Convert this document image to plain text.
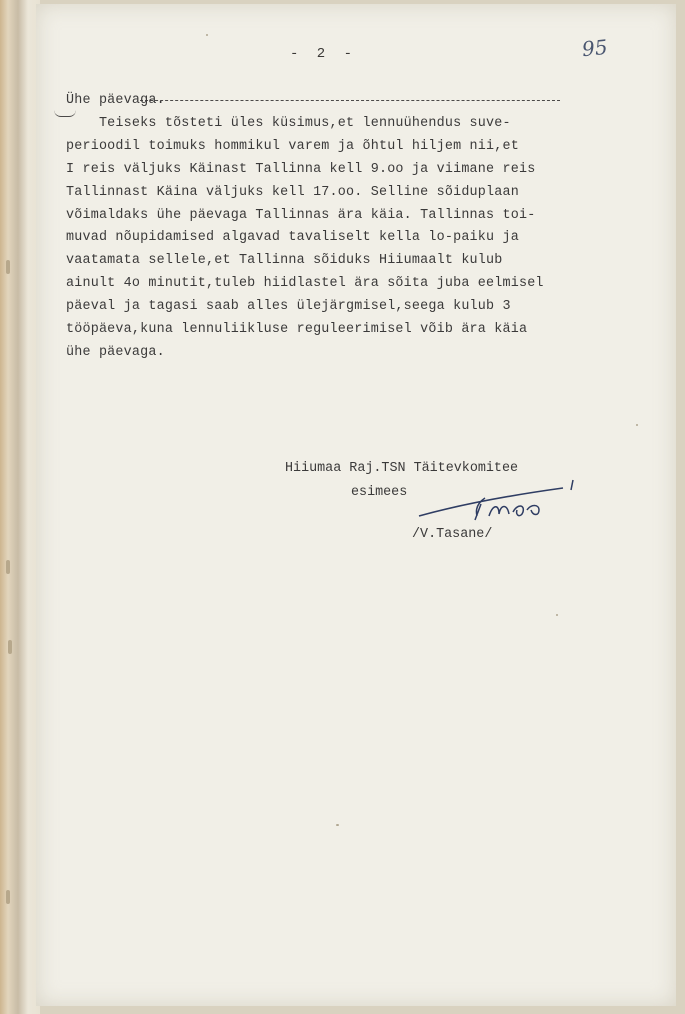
- 2 -	95
Ühe päevaga.
Teiseks tõsteti üles küsimus,et lennuühendus suve-
perioodil toimuks hommikul varem ja õhtul hiljem nii,et
I reis väljuks Käinast Tallinna kell 9.oo ja viimane reis
Tallinnast Käina väljuks kell 17.oo. Selline sõiduplaan
võimaldaks ühe päevaga Tallinnas ära käia. Tallinnas toi-
muvad nõupidamised algavad tavaliselt kella lo-paiku ja
vaatamata sellele,et Tallinna sõiduks Hiiumaalt kulub
ainult 4o minutit,tuleb hiidlastel ära sõita juba eelmisel
päeval ja tagasi saab alles ülejärgmisel,seega kulub 3
tööpäeva,kuna lennuliikluse reguleerimisel võib ära käia
ühe päevaga.
Hiiumaa Raj.TSN Täitevkomitee
esimees
/V.Tasane/
